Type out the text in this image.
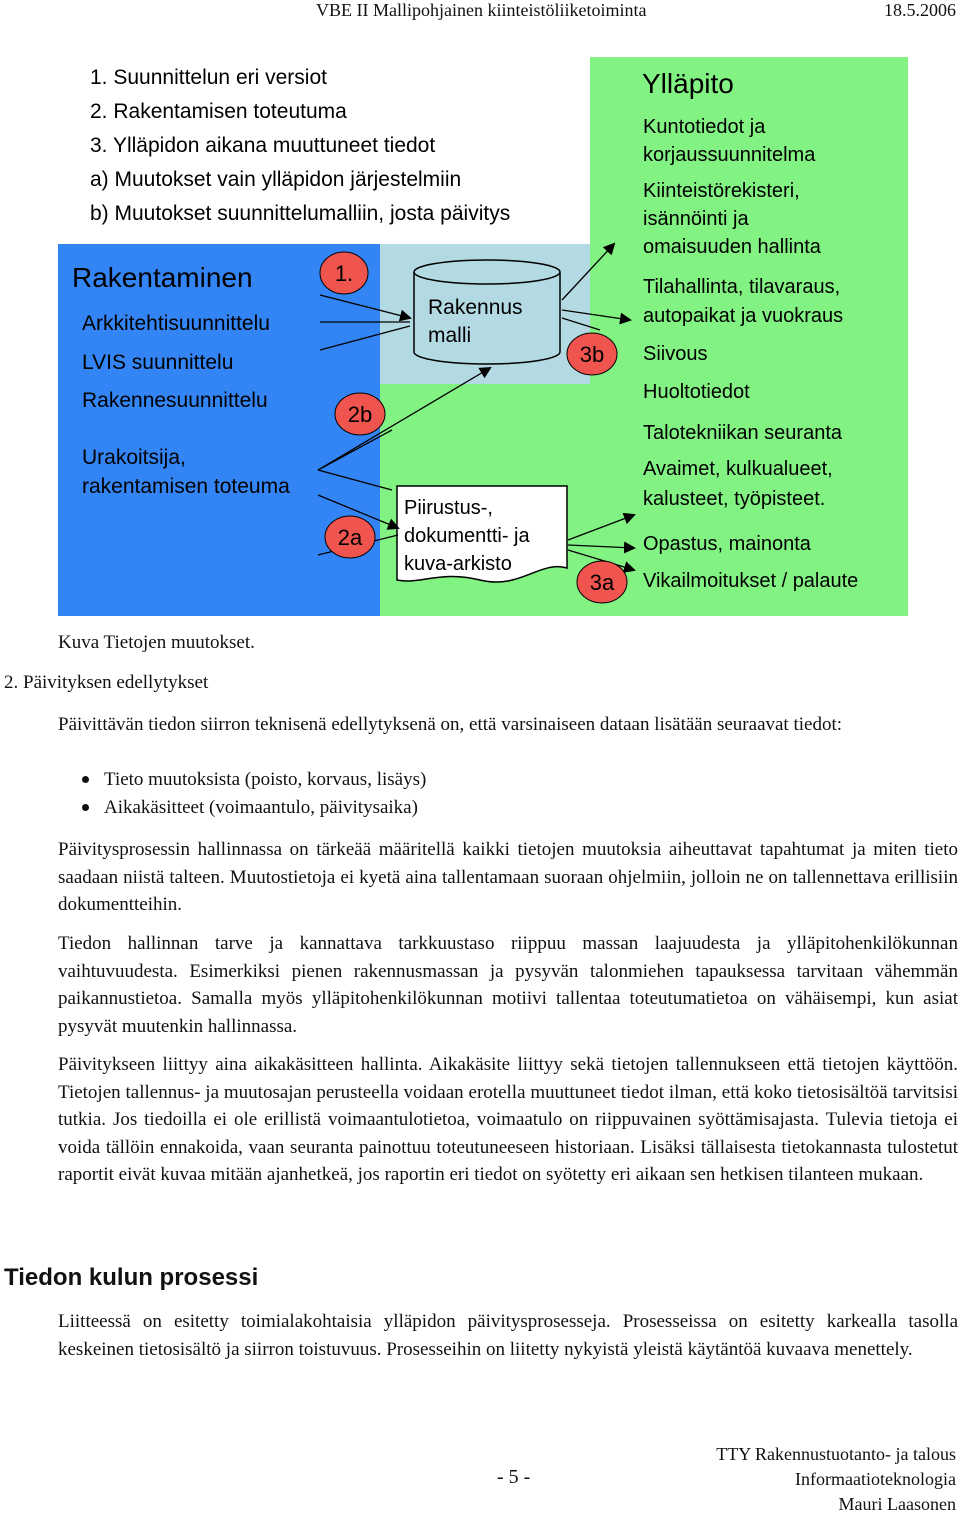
VBE II Mallipohjainen kiinteistöliiketoiminta	18.5.2006
1. Suunnittelun eri versiot
2. Rakentamisen toteutuma
3. Ylläpidon aikana muuttuneet tiedot
a) Muutokset vain ylläpidon järjestelmiin
b) Muutokset suunnittelumalliin, josta päivitys
Rakentaminen
Arkkitehtisuunnittelu
LVIS suunnittelu
Rakennesuunnittelu
Urakoitsija,
rakentamisen toteuma
Rakennus
malli
Piirustus-,
dokumentti- ja
kuva-arkisto
Ylläpito
Kuntotiedot ja
korjaussuunnitelma
Kiinteistörekisteri,
isännöinti ja
omaisuuden hallinta
Tilahallinta, tilavaraus,
autopaikat ja vuokraus
Siivous
Huoltotiedot
Talotekniikan seuranta
Avaimet, kulkualueet,
kalusteet, työpisteet.
Opastus, mainonta
Vikailmoitukset / palaute
1.
2b
2a
3b
3a
Kuva Tietojen muutokset.
2. Päivityksen edellytykset
Päivittävän tiedon siirron teknisenä edellytyksenä on, että varsinaiseen dataan lisätään seuraavat tiedot:
Tieto muutoksista (poisto, korvaus, lisäys)
Aikakäsitteet (voimaantulo, päivitysaika)
Päivitysprosessin hallinnassa on tärkeää määritellä kaikki tietojen muutoksia aiheuttavat tapahtumat ja miten tieto saadaan niistä talteen. Muutostietoja ei kyetä aina tallentamaan suoraan ohjelmiin, jolloin ne on tallennettava erillisiin dokumentteihin.
Tiedon hallinnan tarve ja kannattava tarkkuustaso riippuu massan laajuudesta ja ylläpitohenkilökunnan vaihtuvuudesta. Esimerkiksi pienen rakennusmassan ja pysyvän talonmiehen tapauksessa tarvitaan vähemmän paikannustietoa. Samalla myös ylläpitohenkilökunnan motiivi tallentaa toteutumatietoa on vähäisempi, kun asiat pysyvät muutenkin hallinnassa.
Päivitykseen liittyy aina aikakäsitteen hallinta. Aikakäsite liittyy sekä tietojen tallennukseen että tietojen käyttöön. Tietojen tallennus- ja muutosajan perusteella voidaan erotella muuttuneet tiedot ilman, että koko tietosisältöä tarvitsisi tutkia. Jos tiedoilla ei ole erillistä voimaantulotietoa, voimaatulo on riippuvainen syöttämisajasta. Tulevia tietoja ei voida tällöin ennakoida, vaan seuranta painottuu toteutuneeseen historiaan. Lisäksi tällaisesta tietokannasta tulostetut raportit eivät kuvaa mitään ajanhetkeä, jos raportin eri tiedot on syötetty eri aikaan sen hetkisen tilanteen mukaan.
Tiedon kulun prosessi
Liitteessä on esitetty toimialakohtaisia ylläpidon päivitysprosesseja. Prosesseissa on esitetty karkealla tasolla keskeinen tietosisältö ja siirron toistuvuus. Prosesseihin on liitetty nykyistä yleistä käytäntöä kuvaava menettely.
- 5 -
TTY Rakennustuotanto- ja talous
Informaatioteknologia
Mauri Laasonen
